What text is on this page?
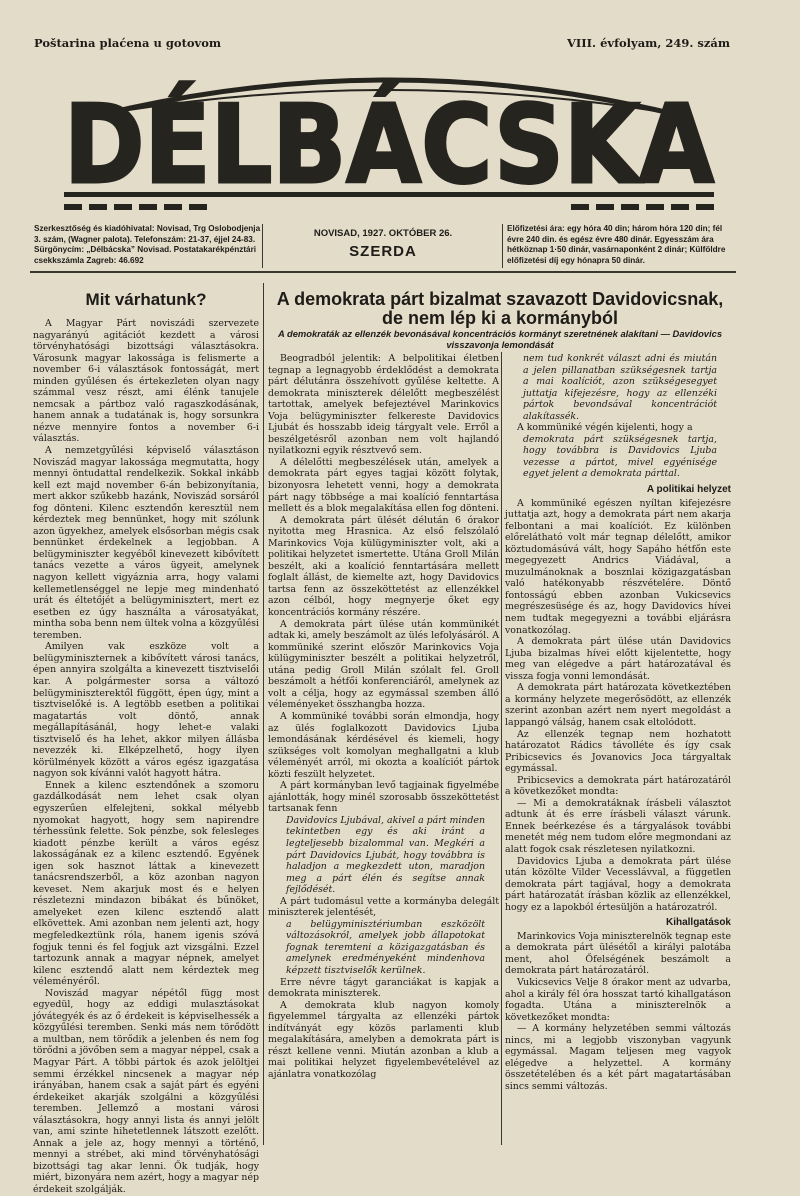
Poštarina plaćena u gotovom	VIII. évfolyam, 249. szám
DÉLBÁCSKA
Szerkesztőség és kiadóhivatal: Novisad, Trg Oslobodjenja 3. szám, (Wagner palota). Telefonszám: 21-37, éjjel 24-83. Sürgönycím: „Délbácska” Novisad. Postatakarékpénztári csekkszámla Zagreb: 46.692
NOVISAD, 1927. OKTÓBER 26.
SZERDA
Előfizetési ára: egy hóra 40 din; három hóra 120 din; fél évre 240 din. és egész évre 480 dinár. Egyesszám ára hétköznap 1·50 dinár, vasárnaponként 2 dinár; Külföldre előfizetési díj egy hónapra 50 dinár.
Mit várhatunk?

A Magyar Párt noviszádi szervezete nagyarányú agitációt kezdett a városi törvényhatósági bizottsági választásokra. Városunk magyar lakossága is felismerte a november 6-i választások fontosságát, mert minden gyűlésen és értekezleten olyan nagy számmal vesz részt, ami élénk tanujele nemcsak a pártboz való ragaszkodásának, hanem annak a tudatának is, hogy sorsunkra nézve mennyire fontos a november 6-i választás.

A nemzetgyűlési képviselő választáson Noviszád magyar lakossága megmutatta, hogy mennyi öntudattal rendelkezik. Sokkal inkább kell ezt majd november 6-án bebizonyítania, mert akkor szűkebb hazánk, Noviszád sorsáról fog dönteni. Kilenc esztendőn keresztül nem kérdeztek meg bennünket, hogy mit szólunk azon ügyekhez, amelyek elsősorban mégis csak bennünket érdekelnek a legjobban. A belügyminiszter kegyéből kinevezett kibővített tanács vezette a város ügyeit, amelynek nagyon kellett vigyáznia arra, hogy valami kellemetlenséggel ne lepje meg mindenható urát és éltetőjét a belügyminisztert, mert ez esetben ez úgy használta a városatyákat, mintha soba benn nem ültek volna a közgyűlési teremben.

Amilyen vak eszköze volt a belügyminiszternek a kibővített városi tanács, épen annyira szolgálta a kinevezett tisztviselői kar. A polgármester sorsa a változó belügyminiszterektől függött, épen úgy, mint a tisztviselőké is. A legtöbb esetben a politikai magatartás volt döntő, annak megállapításánál, hogy lehet-e valaki tisztviselő és ha lehet, akkor milyen állásba nevezzék ki. Elképzelhető, hogy ilyen körülmények között a város egész igazgatása nagyon sok kívánni valót hagyott hátra.

Ennek a kilenc esztendőnek a szomoru gazdálkodását nem lehet csak olyan egyszerűen elfelejteni, sokkal mélyebb nyomokat hagyott, hogy sem napirendre térhessünk felette. Sok pénzbe, sok felesleges kiadott pénzbe került a város egész lakosságának ez a kilenc esztendő. Egyének igen sok hasznot láttak a kinevezett tanácsrendszerből, a köz azonban nagyon keveset. Nem akarjuk most és e helyen részletezni mindazon bibákat és bűnöket, amelyeket ezen kilenc esztendő alatt elkövettek. Ami azonban nem jelenti azt, hogy megfeledkeztünk róla, hanem igenis szóvá fogjuk tenni és fel fogjuk azt vizsgálni. Ezzel tartozunk annak a magyar népnek, amelyet kilenc esztendő alatt nem kérdeztek meg véleményéről.

Noviszád magyar népétől függ most egyedül, hogy az eddigi mulasztásokat jóvátegyék és az ő érdekeit is képviselhessék a közgyűlési teremben. Senki más nem törődött a multban, nem törődik a jelenben és nem fog törődni a jövőben sem a magyar néppel, csak a Magyar Párt. A többi pártok és azok jelöltjei semmi érzékkel nincsenek a magyar nép irányában, hanem csak a saját párt és egyéni érdekeiket akarják szolgálni a közgyűlési teremben. Jellemző a mostani városi választásokra, hogy annyi lista és annyi jelölt van, ami szinte hihetetlennek látszott ezelőtt. Annak a jele az, hogy mennyi a történő, mennyi a strébet, aki mind törvényhatósági bizottsági tag akar lenni. Ők tudják, hogy miért, bizonyára nem azért, hogy a magyar nép érdekeit szolgálják.

A demokrata párt bizalmat szavazott Davidovicsnak, de nem lép ki a kormányból
A demokraták az ellenzék bevonásával koncentrációs kormányt szeretnének alakítani — Davidovics visszavonja lemondását

Beogradból jelentik: A belpolitikai életben tegnap a legnagyobb érdeklődést a demokrata párt délutánra összehívott gyűlése keltette. A demokrata miniszterek délelőtt megbeszélést tartottak, amelyek befejeztével Marinkovics Voja belügyminiszter felkereste Davidovics Ljubát és hosszabb ideig tárgyalt vele. Erről a beszélgetésről azonban nem volt hajlandó nyilatkozni egyik résztvevő sem.

A délelőtti megbeszélések után, amelyek a demokrata párt egyes tagjai között folytak, bizonyosra lehetett venni, hogy a demokrata párt nagy többsége a mai koalíció fenntartása mellett és a blok megalakítása ellen fog dönteni.

A demokrata párt ülését délután 6 órakor nyitotta meg Hrasnica. Az első felszólaló Marinkovics Voja külügyminiszter volt, aki a politikai helyzetet ismertette. Utána Groll Milán beszélt, aki a koalíció fenntartására mellett foglalt állást, de kiemelte azt, hogy Davidovics tartsa fenn az összeköttetést az ellenzékkel azon célból, hogy megnyerje őket egy koncentrációs kormány részére.

A demokrata párt ülése után kommünikét adtak ki, amely beszámolt az ülés lefolyásáról. A kommüniké szerint először Marinkovics Voja külügyminiszter beszélt a politikai helyzetről, utána pedig Groll Milán szólalt fel. Groll beszámolt a hétfői konferenciáról, amelynek az volt a célja, hogy az egymással szemben álló véleményeket összhangba hozza.

A kommüniké további során elmondja, hogy az ülés foglalkozott Davidovics Ljuba lemondásának kérdésével és kiemeli, hogy szükséges volt komolyan meghallgatni a klub véleményét arról, mi okozta a koalíciót pártok közti feszült helyzetet.

A párt kormányban levő tagjainak figyelmébe ajánlották, hogy minél szorosabb összeköttetést tartsanak fenn

Davidovics Ljubával, akivel a párt minden tekintetben egy és aki iránt a legteljesebb bizalommal van. Megkéri a párt Davidovics Ljubát, hogy továbbra is haladjon a megkezdett uton, maradjon meg a párt élén és segítse annak fejlődését.

A párt tudomásul vette a kormányba delegált miniszterek jelentését,

a belügyminisztériumban eszközölt változásokról, amelyek jobb állapotokat fognak teremteni a közigazgatásban és amelynek eredményeként mindenhova képzett tisztviselők kerülnek.

Erre névre tágyt garanciákat is kapjak a demokrata miniszterek.

A demokrata klub nagyon komoly figyelemmel tárgyalta az ellenzéki pártok indítványát egy közös parlamenti klub megalakítására, amelyben a demokrata párt is részt kellene venni. Miután azonban a klub a mai politikai helyzet figyelembevételével az ajánlatra vonatkozólag

nem tud konkrét választ adni és miután a jelen pillanatban szükségesnek tartja a mai koalíciót, azon szükségesegyet juttatja kifejezésre, hogy az ellenzéki pártok bevondsával koncentrációt alakítassék.

A kommüniké végén kijelenti, hogy a

demokrata párt szükségesnek tartja, hogy továbbra is Davidovics Ljuba vezesse a pártot, mivel egyénisége egyet jelent a demokrata párttal.

A politikai helyzet

A kommüniké egészen nyíltan kifejezésre juttatja azt, hogy a demokrata párt nem akarja felbontani a mai koalíciót. Ez különben előrelátható volt már tegnap délelőtt, amikor köztudomásúvá vált, hogy Sapáho hétfőn este megegyezett Andrics Viádával, a muzulmánoknak a bosznlai közigazgatásban való hatékonyabb részvételére. Döntő fontosságú ebben azonban Vukicsevics megrészesüsége és az, hogy Davidovics hívei nem tudtak megegyezni a további eljárásra vonatkozólag.

A demokrata párt ülése után Davidovics Ljuba bizalmas hívei előtt kijelentette, hogy meg van elégedve a párt határozatával és vissza fogja vonni lemondását.

A demokrata párt határozata következtében a kormány helyzete megerősödött, az ellenzék szerint azonban azért nem nyert megoldást a lappangó válság, hanem csak eltolódott.

Az ellenzék tegnap nem hozhatott határozatot Rádics távolléte és így csak Pribicsevics és Jovanovics Joca tárgyaltak egymással.

Pribicsevics a demokrata párt határozatáról a következőket mondta:

— Mi a demokratáknak írásbeli választot adtunk át és erre írásbeli választ várunk. Ennek beérkezése és a tárgyalások további menetét még nem tudom előre megmondani az alatt fogok csak részletesen nyilatkozni.

Davidovics Ljuba a demokrata párt ülése után közölte Vilder Vecesslávval, a független demokrata párt tagjával, hogy a demokrata párt határozatát írásban közlik az ellenzékkel, hogy ez a lapokból értesüljön a határozatról.

Kihallgatások

Marinkovics Voja miniszterelnök tegnap este a demokrata párt ülésétől a királyi palotába ment, ahol Őfelségének beszámolt a demokrata párt határozatáról.

Vukicsevics Velje 8 órakor ment az udvarba, ahol a király fél óra hosszat tartó kihallgatáson fogadta. Utána a miniszterelnök a következőket mondta:

— A kormány helyzetében semmi változás nincs, mi a legjobb viszonyban vagyunk egymással. Magam teljesen meg vagyok elégedve a helyzettel. A kormány összetételében és a két párt magatartásában sincs semmi változás.
